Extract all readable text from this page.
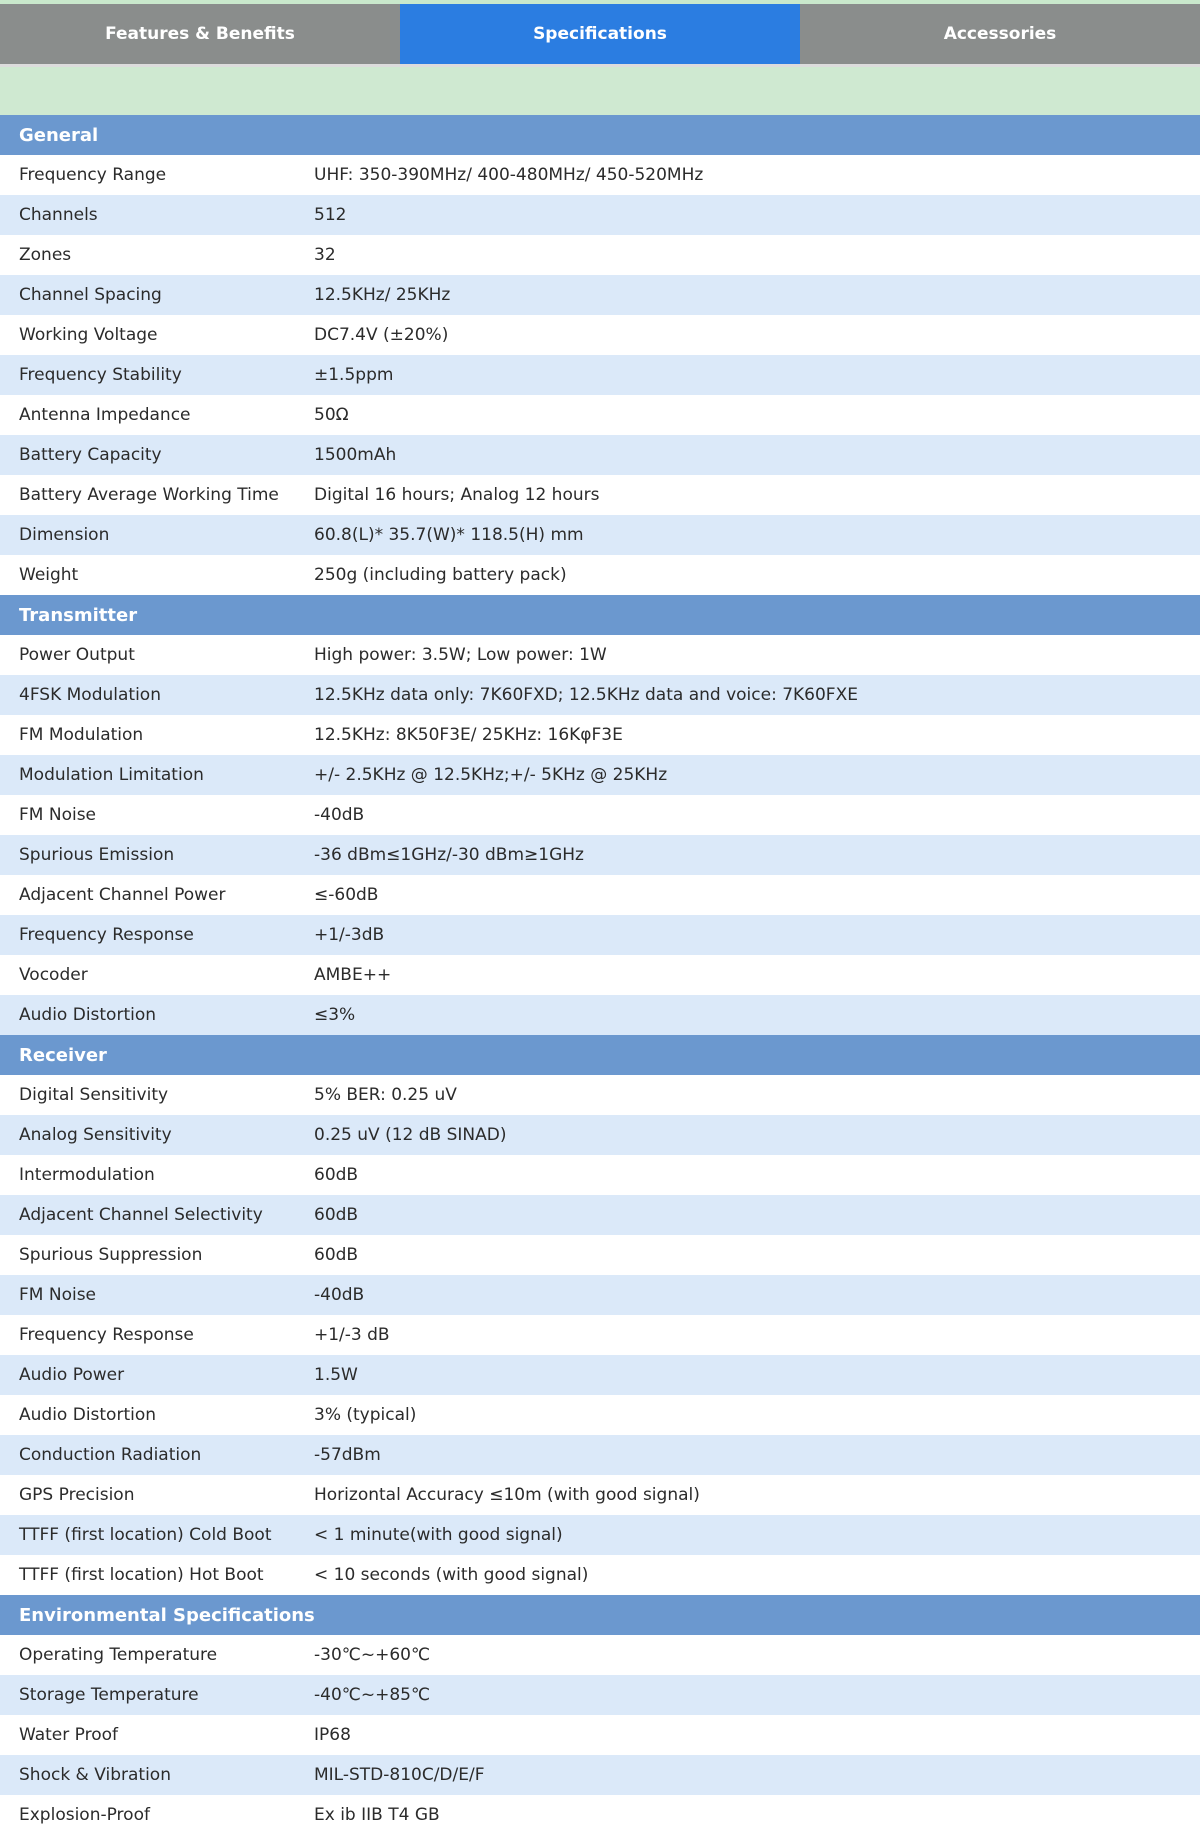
Features & Benefits	Specifications	Accessories
General
Frequency Range	UHF: 350-390MHz/ 400-480MHz/ 450-520MHz
Channels	512
Zones	32
Channel Spacing	12.5KHz/ 25KHz
Working Voltage	DC7.4V (±20%)
Frequency Stability	±1.5ppm
Antenna Impedance	50Ω
Battery Capacity	1500mAh
Battery Average Working Time	Digital 16 hours; Analog 12 hours
Dimension	60.8(L)* 35.7(W)* 118.5(H) mm
Weight	250g (including battery pack)
Transmitter
Power Output	High power: 3.5W; Low power: 1W
4FSK Modulation	12.5KHz data only: 7K60FXD; 12.5KHz data and voice: 7K60FXE
FM Modulation	12.5KHz: 8K50F3E/ 25KHz: 16KφF3E
Modulation Limitation	+/- 2.5KHz @ 12.5KHz;+/- 5KHz @ 25KHz
FM Noise	-40dB
Spurious Emission	-36 dBm≤1GHz/-30 dBm≥1GHz
Adjacent Channel Power	≤-60dB
Frequency Response	+1/-3dB
Vocoder	AMBE++
Audio Distortion	≤3%
Receiver
Digital Sensitivity	5% BER: 0.25 uV
Analog Sensitivity	0.25 uV (12 dB SINAD)
Intermodulation	60dB
Adjacent Channel Selectivity	60dB
Spurious Suppression	60dB
FM Noise	-40dB
Frequency Response	+1/-3 dB
Audio Power	1.5W
Audio Distortion	3% (typical)
Conduction Radiation	-57dBm
GPS Precision	Horizontal Accuracy ≤10m (with good signal)
TTFF (first location) Cold Boot	< 1 minute(with good signal)
TTFF (first location) Hot Boot	< 10 seconds (with good signal)
Environmental Specifications
Operating Temperature	-30℃~+60℃
Storage Temperature	-40℃~+85℃
Water Proof	IP68
Shock & Vibration	MIL-STD-810C/D/E/F
Explosion-Proof	Ex ib IIB T4 GB
